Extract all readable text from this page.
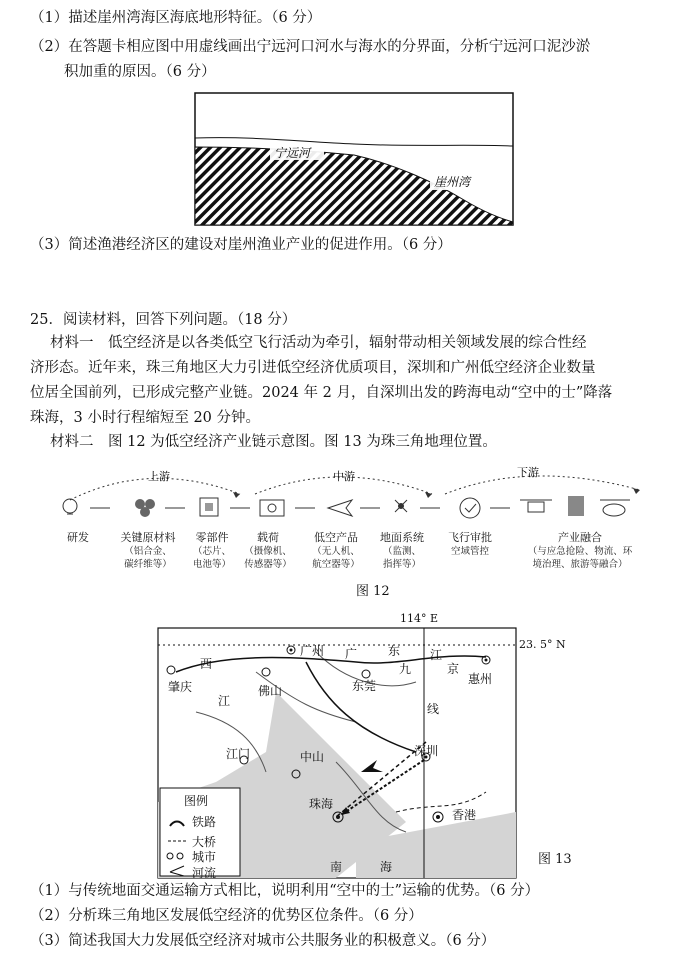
（1）描述崖州湾海区海底地形特征。（6 分）
（2）在答题卡相应图中用虚线画出宁远河口河水与海水的分界面，分析宁远河口泥沙淤
积加重的原因。（6 分）
宁远河
崖州湾
（3）简述渔港经济区的建设对崖州渔业产业的促进作用。（6 分）
25．阅读材料，回答下列问题。（18 分）
材料一　低空经济是以各类低空飞行活动为牵引，辐射带动相关领域发展的综合性经
济形态。近年来，珠三角地区大力引进低空经济优质项目，深圳和广州低空经济企业数量
位居全国前列，已形成完整产业链。2024 年 2 月，自深圳出发的跨海电动“空中的士”降落
珠海，3 小时行程缩短至 20 分钟。
材料二　图 12 为低空经济产业链示意图。图 13 为珠三角地理位置。
上游	中游	下游
研发	关键原材料
（铝合金、
碳纤维等）
零部件
（芯片、
电池等）
载荷
（摄像机、
传感器等）
低空产品
（无人机、
航空器等）
地面系统
（监测、
指挥等）
飞行审批
空域管控
产业融合
（与应急抢险、物流、环
境治理、旅游等融合）
图 12
114° E
23. 5° N
广州
东莞	惠州
佛山
肇庆
江门	中山
珠海
深圳
香港
西
江
广	东
九
江
京
线
南	海
图例
铁路
大桥
城市
河流
图 13
（1）与传统地面交通运输方式相比，说明利用“空中的士”运输的优势。（6 分）
（2）分析珠三角地区发展低空经济的优势区位条件。（6 分）
（3）简述我国大力发展低空经济对城市公共服务业的积极意义。（6 分）
